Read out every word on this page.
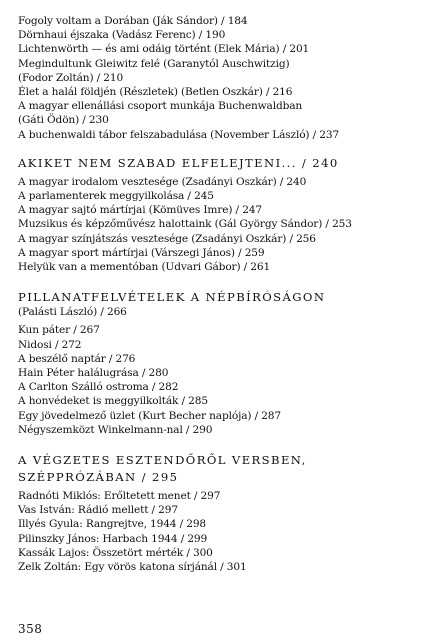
Fogoly voltam a Dorában (Ják Sándor) / 184
Dörnhaui éjszaka (Vadász Ferenc) / 190
Lichtenwörth — és ami odáig történt (Elek Mária) / 201
Megindultunk Gleiwitz felé (Garanytól Auschwitzig)
(Fodor Zoltán) / 210
Élet a halál földjén (Részletek) (Betlen Oszkár) / 216
A magyar ellenállási csoport munkája Buchenwaldban
(Gáti Ödön) / 230
A buchenwaldi tábor felszabadulása (November László) / 237
AKIKET NEM SZABAD ELFELEJTENI... / 240
A magyar irodalom vesztesége (Zsadányi Oszkár) / 240
A parlamenterek meggyilkolása / 245
A magyar sajtó mártírjai (Kömüves Imre) / 247
Muzsikus és képzőművész halottaink (Gál György Sándor) / 253
A magyar színjátszás vesztesége (Zsadányi Oszkár) / 256
A magyar sport mártírjai (Várszegi János) / 259
Helyük van a mementóban (Udvari Gábor) / 261
PILLANATFELVÉTELEK A NÉPBÍRÓSÁGON
(Palásti László) / 266
Kun páter / 267
Nidosi / 272
A beszélő naptár / 276
Hain Péter halálugrása / 280
A Carlton Szálló ostroma / 282
A honvédeket is meggyilkolták / 285
Egy jövedelmező üzlet (Kurt Becher naplója) / 287
Négyszemközt Winkelmann-nal / 290
A VÉGZETES ESZTENDŐRŐL VERSBEN,
SZÉPPRÓZÁBAN / 295
Radnóti Miklós: Erőltetett menet / 297
Vas István: Rádió mellett / 297
Illyés Gyula: Rangrejtve, 1944 / 298
Pilinszky János: Harbach 1944 / 299
Kassák Lajos: Összetört mérték / 300
Zelk Zoltán: Egy vörös katona sírjánál / 301
358
